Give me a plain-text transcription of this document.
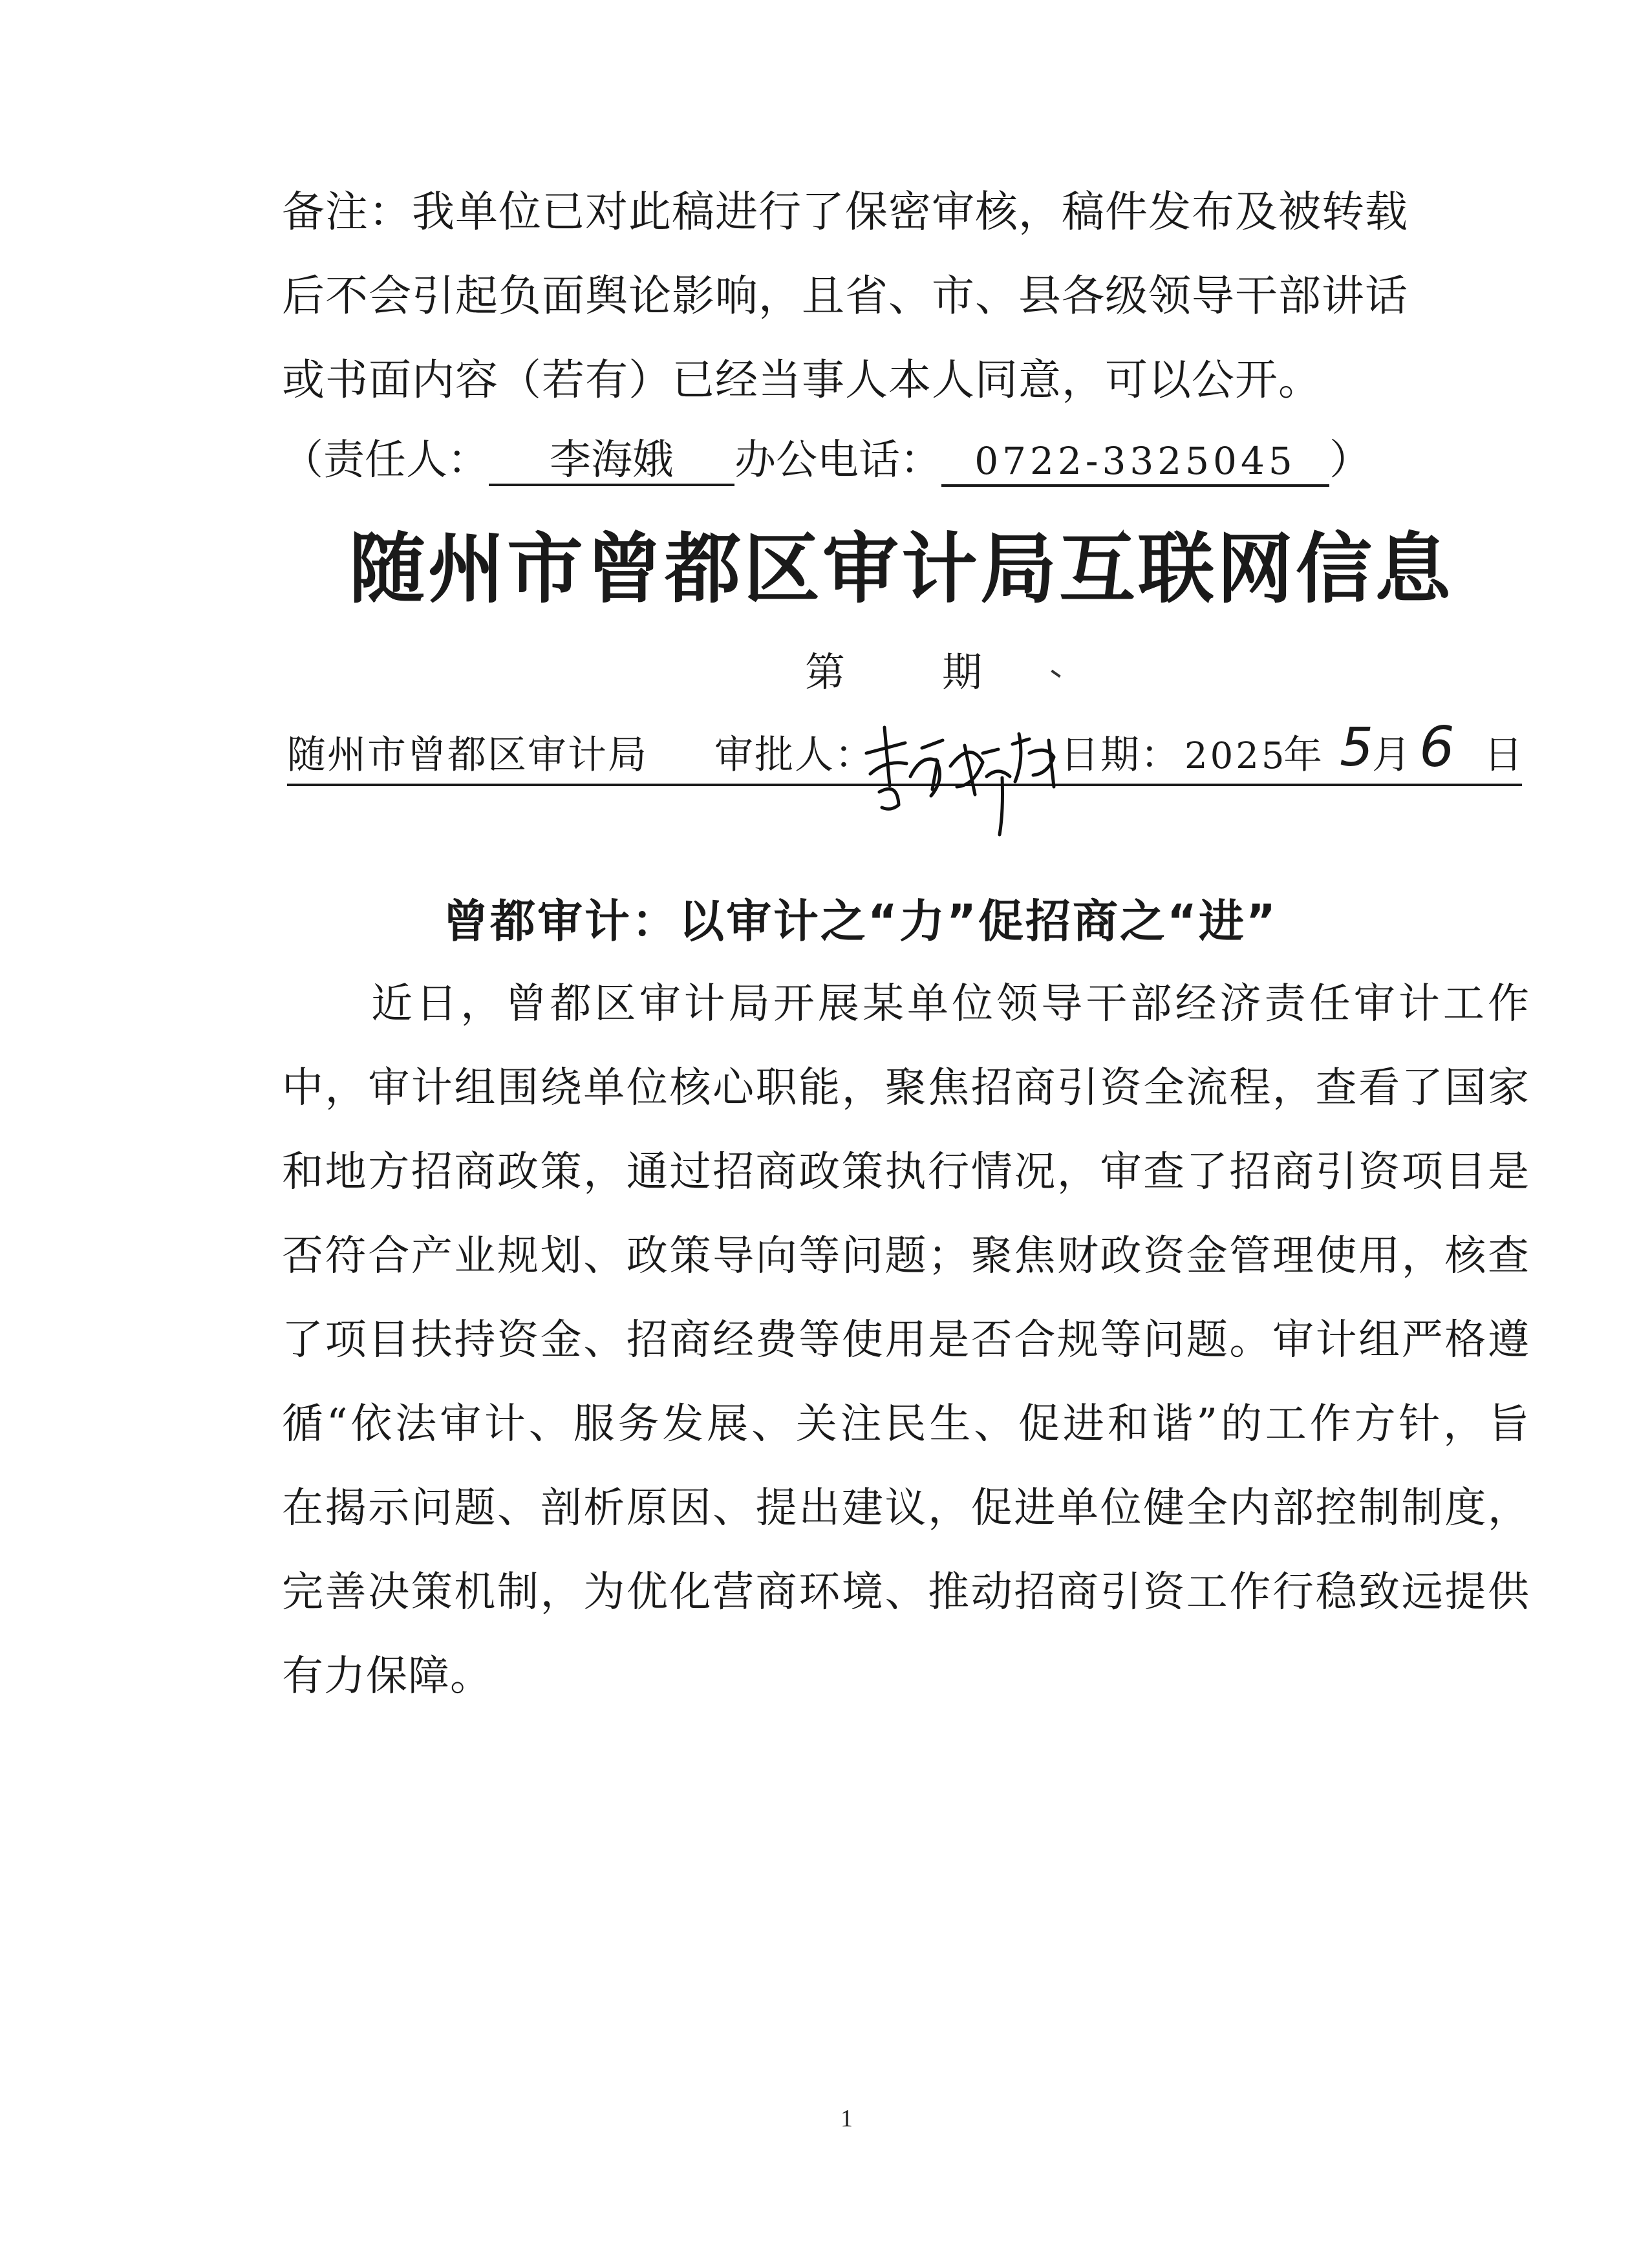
备注：我单位已对此稿进行了保密审核，稿件发布及被转载
后不会引起负面舆论影响，且省、市、县各级领导干部讲话
或书面内容（若有）已经当事人本人同意，可以公开。
（责任人： 李海娥 办公电话： 0722-3325045 ）
随州市曾都区审计局互联网信息
第 期
随州市曾都区审计局 审批人：	日期： 2025
年 5
月 6 日
曾都审计：以审计之“力”促招商之“进”
　　近日，曾都区审计局开展某单位领导干部经济责任审计工作
中，审计组围绕单位核心职能，聚焦招商引资全流程，查看了国家
和地方招商政策，通过招商政策执行情况，审查了招商引资项目是
否符合产业规划、政策导向等问题；聚焦财政资金管理使用，核查
了项目扶持资金、招商经费等使用是否合规等问题。审计组严格遵
循“依法审计、服务发展、关注民生、促进和谐”的工作方针，旨
在揭示问题、剖析原因、提出建议，促进单位健全内部控制制度，
完善决策机制，为优化营商环境、推动招商引资工作行稳致远提供
有力保障。
1
